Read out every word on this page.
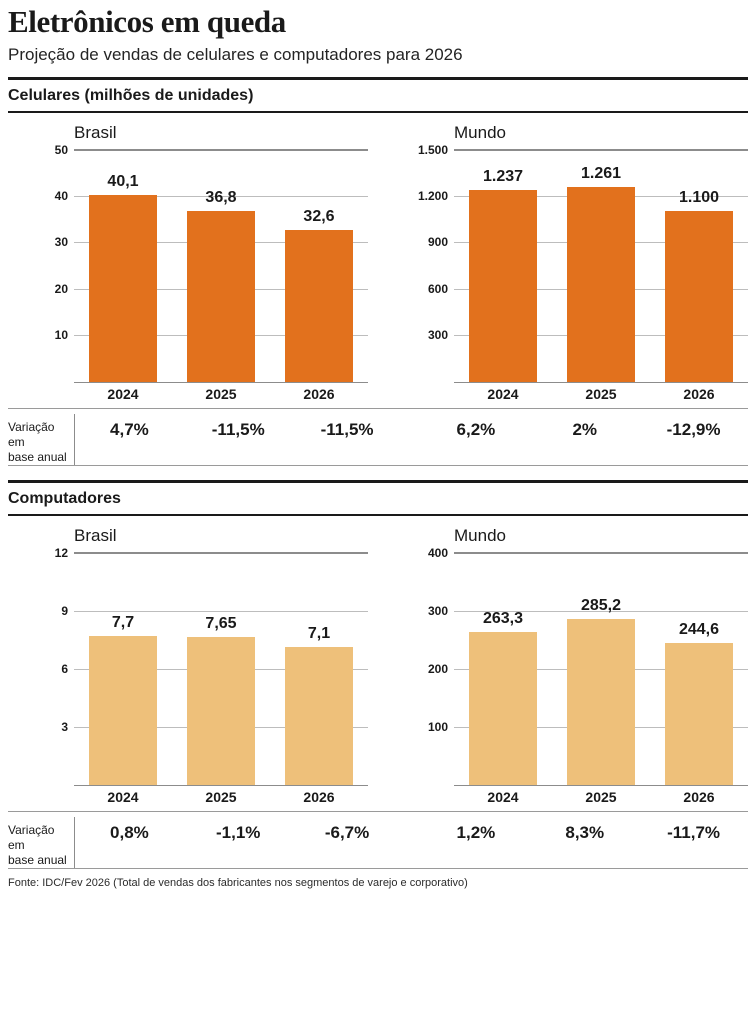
Eletrônicos em queda
Projeção de vendas de celulares e computadores para 2026
Celulares (milhões de unidades)
Brasil
10
20
30
40
50
40,1
36,8
32,6
2024	2025	2026
Mundo
300
600
900
1.200
1.500
1.237	1.261
1.100
2024	2025	2026
Variação em
base anual
4,7%	-11,5%	-11,5%	6,2%	2%	-12,9%
Computadores
Brasil
3
6
9
12
7,7	7,65
7,1
2024	2025	2026
Mundo
100
200
300
400
263,3
285,2
244,6
2024	2025	2026
Variação em
base anual
0,8%	-1,1%	-6,7%	1,2%	8,3%	-11,7%
Fonte: IDC/Fev 2026 (Total de vendas dos fabricantes nos segmentos de varejo e corporativo)
